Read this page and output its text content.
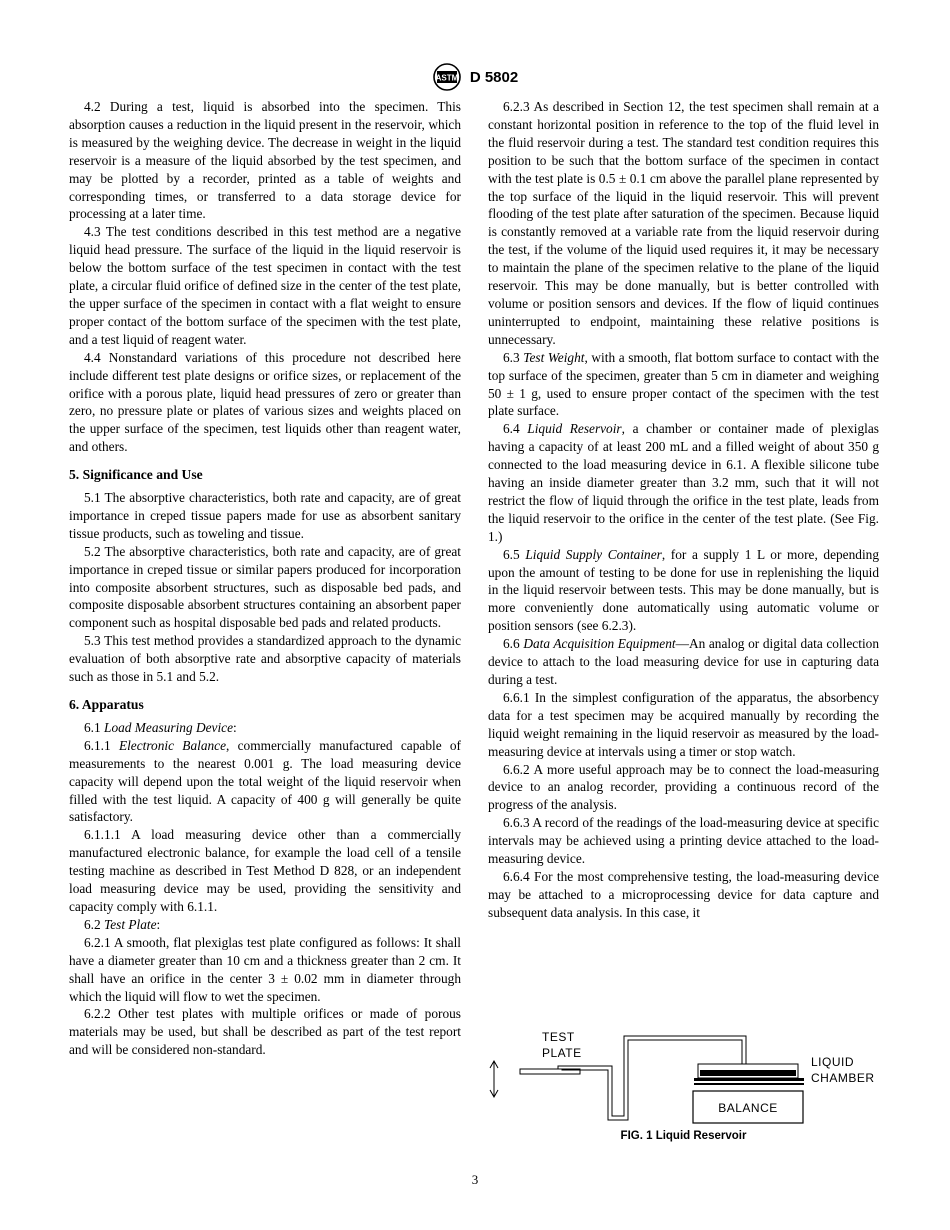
ASTM D 5802

4.2 During a test, liquid is absorbed into the specimen. This absorption causes a reduction in the liquid present in the reservoir, which is measured by the weighing device. The decrease in weight in the liquid reservoir is a measure of the liquid absorbed by the test specimen, and may be plotted by a recorder, printed as a table of weights and corresponding times, or transferred to a data storage device for processing at a later time.

4.3 The test conditions described in this test method are a negative liquid head pressure. The surface of the liquid in the liquid reservoir is below the bottom surface of the test specimen in contact with the test plate, a circular fluid orifice of defined size in the center of the test plate, the upper surface of the specimen in contact with a flat weight to ensure proper contact of the bottom surface of the specimen with the test plate, and a test liquid of reagent water.

4.4 Nonstandard variations of this procedure not described here include different test plate designs or orifice sizes, or replacement of the orifice with a porous plate, liquid head pressures of zero or greater than zero, no pressure plate or plates of various sizes and weights placed on the upper surface of the specimen, test liquids other than reagent water, and others.

5. Significance and Use

5.1 The absorptive characteristics, both rate and capacity, are of great importance in creped tissue papers made for use as absorbent sanitary tissue products, such as toweling and tissue.

5.2 The absorptive characteristics, both rate and capacity, are of great importance in creped tissue or similar papers produced for incorporation into composite absorbent structures, such as disposable bed pads, and composite disposable absorbent structures containing an absorbent paper component such as hospital disposable bed pads and related products.

5.3 This test method provides a standardized approach to the dynamic evaluation of both absorptive rate and absorptive capacity of materials such as those in 5.1 and 5.2.

6. Apparatus

6.1 Load Measuring Device:

6.1.1 Electronic Balance, commercially manufactured capable of measurements to the nearest 0.001 g. The load measuring device capacity will depend upon the total weight of the liquid reservoir when filled with the test liquid. A capacity of 400 g will generally be quite satisfactory.

6.1.1.1 A load measuring device other than a commercially manufactured electronic balance, for example the load cell of a tensile testing machine as described in Test Method D 828, or an independent load measuring device may be used, providing the sensitivity and capacity comply with 6.1.1.

6.2 Test Plate:

6.2.1 A smooth, flat plexiglas test plate configured as follows: It shall have a diameter greater than 10 cm and a thickness greater than 2 cm. It shall have an orifice in the center 3 ± 0.02 mm in diameter through which the liquid will flow to wet the specimen.

6.2.2 Other test plates with multiple orifices or made of porous materials may be used, but shall be described as part of the test report and will be considered non-standard.

6.2.3 As described in Section 12, the test specimen shall remain at a constant horizontal position in reference to the top of the fluid level in the fluid reservoir during a test. The standard test condition requires this position to be such that the bottom surface of the specimen in contact with the test plate is 0.5 ± 0.1 cm above the parallel plane represented by the top surface of the liquid in the liquid reservoir. This will prevent flooding of the test plate after saturation of the specimen. Because liquid is constantly removed at a variable rate from the liquid reservoir during the test, if the volume of the liquid used requires it, it may be necessary to maintain the plane of the specimen relative to the plane of the liquid reservoir. This may be done manually, but is better controlled with volume or position sensors and devices. If the flow of liquid continues uninterrupted to endpoint, maintaining these relative positions is unnecessary.

6.3 Test Weight, with a smooth, flat bottom surface to contact with the top surface of the specimen, greater than 5 cm in diameter and weighing 50 ± 1 g, used to ensure proper contact of the specimen with the test plate surface.

6.4 Liquid Reservoir, a chamber or container made of plexiglas having a capacity of at least 200 mL and a filled weight of about 350 g connected to the load measuring device in 6.1. A flexible silicone tube having an inside diameter greater than 3.2 mm, such that it will not restrict the flow of liquid through the orifice in the test plate, leads from the liquid reservoir to the orifice in the center of the test plate. (See Fig. 1.)

6.5 Liquid Supply Container, for a supply 1 L or more, depending upon the amount of testing to be done for use in replenishing the liquid in the liquid reservoir between tests. This may be done manually, but is more conveniently done automatically using automatic volume or position sensors (see 6.2.3).

6.6 Data Acquisition Equipment—An analog or digital data collection device to attach to the load measuring device for use in capturing data during a test.

6.6.1 In the simplest configuration of the apparatus, the absorbency data for a test specimen may be acquired manually by recording the liquid weight remaining in the liquid reservoir as measured by the load-measuring device at intervals using a timer or stop watch.

6.6.2 A more useful approach may be to connect the load-measuring device to an analog recorder, providing a continuous record of the progress of the analysis.

6.6.3 A record of the readings of the load-measuring device at specific intervals may be achieved using a printing device attached to the load-measuring device.

6.6.4 For the most comprehensive testing, the load-measuring device may be attached to a microprocessing device for data capture and subsequent data analysis. In this case, it

TEST
PLATE
LIQUID
CHAMBER
BALANCE
FIG. 1 Liquid Reservoir
3
